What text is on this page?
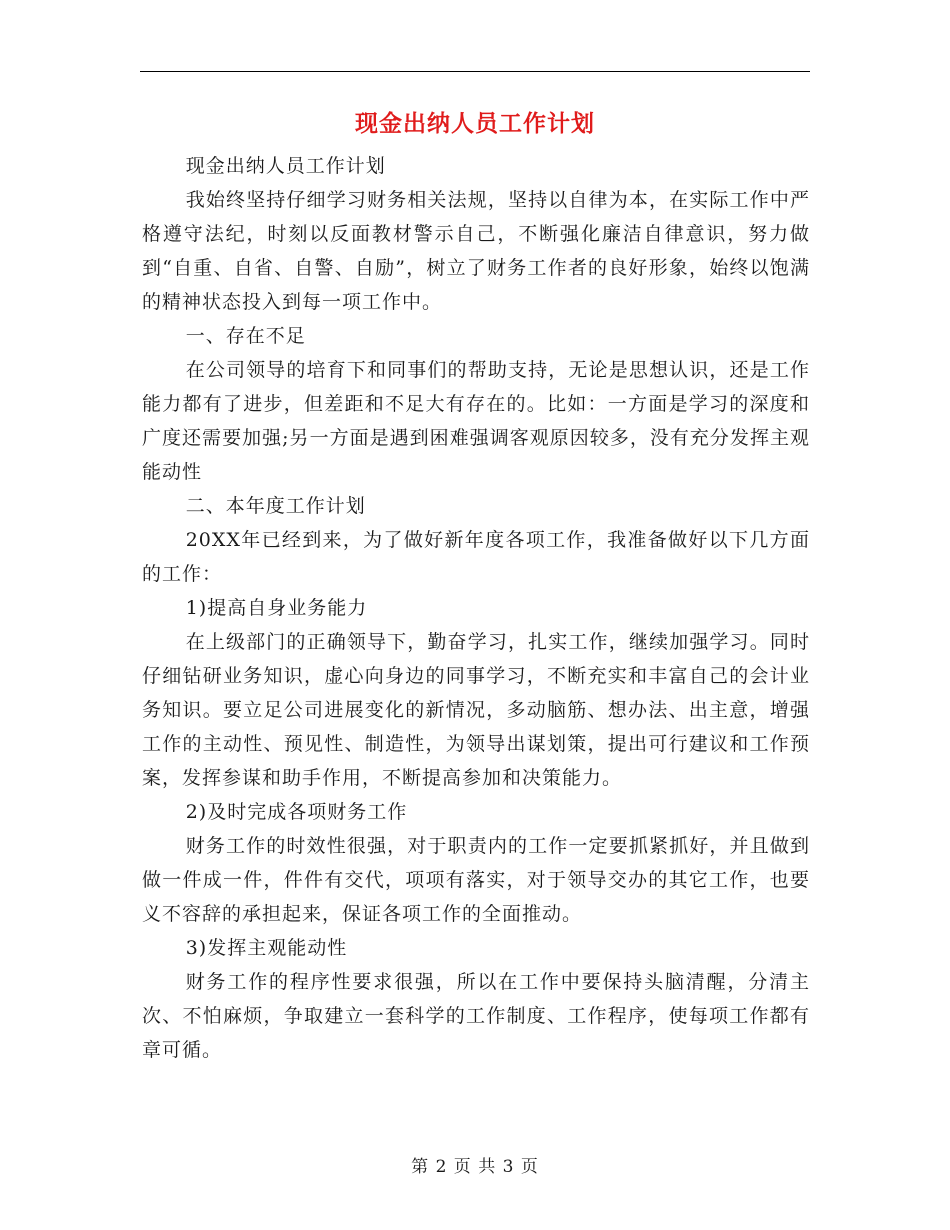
现金出纳人员工作计划

现金出纳人员工作计划

我始终坚持仔细学习财务相关法规，坚持以自律为本，在实际工作中严格遵守法纪，时刻以反面教材警示自己，不断强化廉洁自律意识，努力做到“自重、自省、自警、自励”，树立了财务工作者的良好形象，始终以饱满的精神状态投入到每一项工作中。

一、存在不足

在公司领导的培育下和同事们的帮助支持，无论是思想认识，还是工作能力都有了进步，但差距和不足大有存在的。比如：一方面是学习的深度和广度还需要加强;另一方面是遇到困难强调客观原因较多，没有充分发挥主观能动性

二、本年度工作计划

20XX年已经到来，为了做好新年度各项工作，我准备做好以下几方面的工作：

1)提高自身业务能力

在上级部门的正确领导下，勤奋学习，扎实工作，继续加强学习。同时仔细钻研业务知识，虚心向身边的同事学习，不断充实和丰富自己的会计业务知识。要立足公司进展变化的新情况，多动脑筋、想办法、出主意，增强工作的主动性、预见性、制造性，为领导出谋划策，提出可行建议和工作预案，发挥参谋和助手作用，不断提高参加和决策能力。

2)及时完成各项财务工作

财务工作的时效性很强，对于职责内的工作一定要抓紧抓好，并且做到做一件成一件，件件有交代，项项有落实，对于领导交办的其它工作，也要义不容辞的承担起来，保证各项工作的全面推动。

3)发挥主观能动性

财务工作的程序性要求很强，所以在工作中要保持头脑清醒，分清主次、不怕麻烦，争取建立一套科学的工作制度、工作程序，使每项工作都有章可循。

第 2 页 共 3 页
